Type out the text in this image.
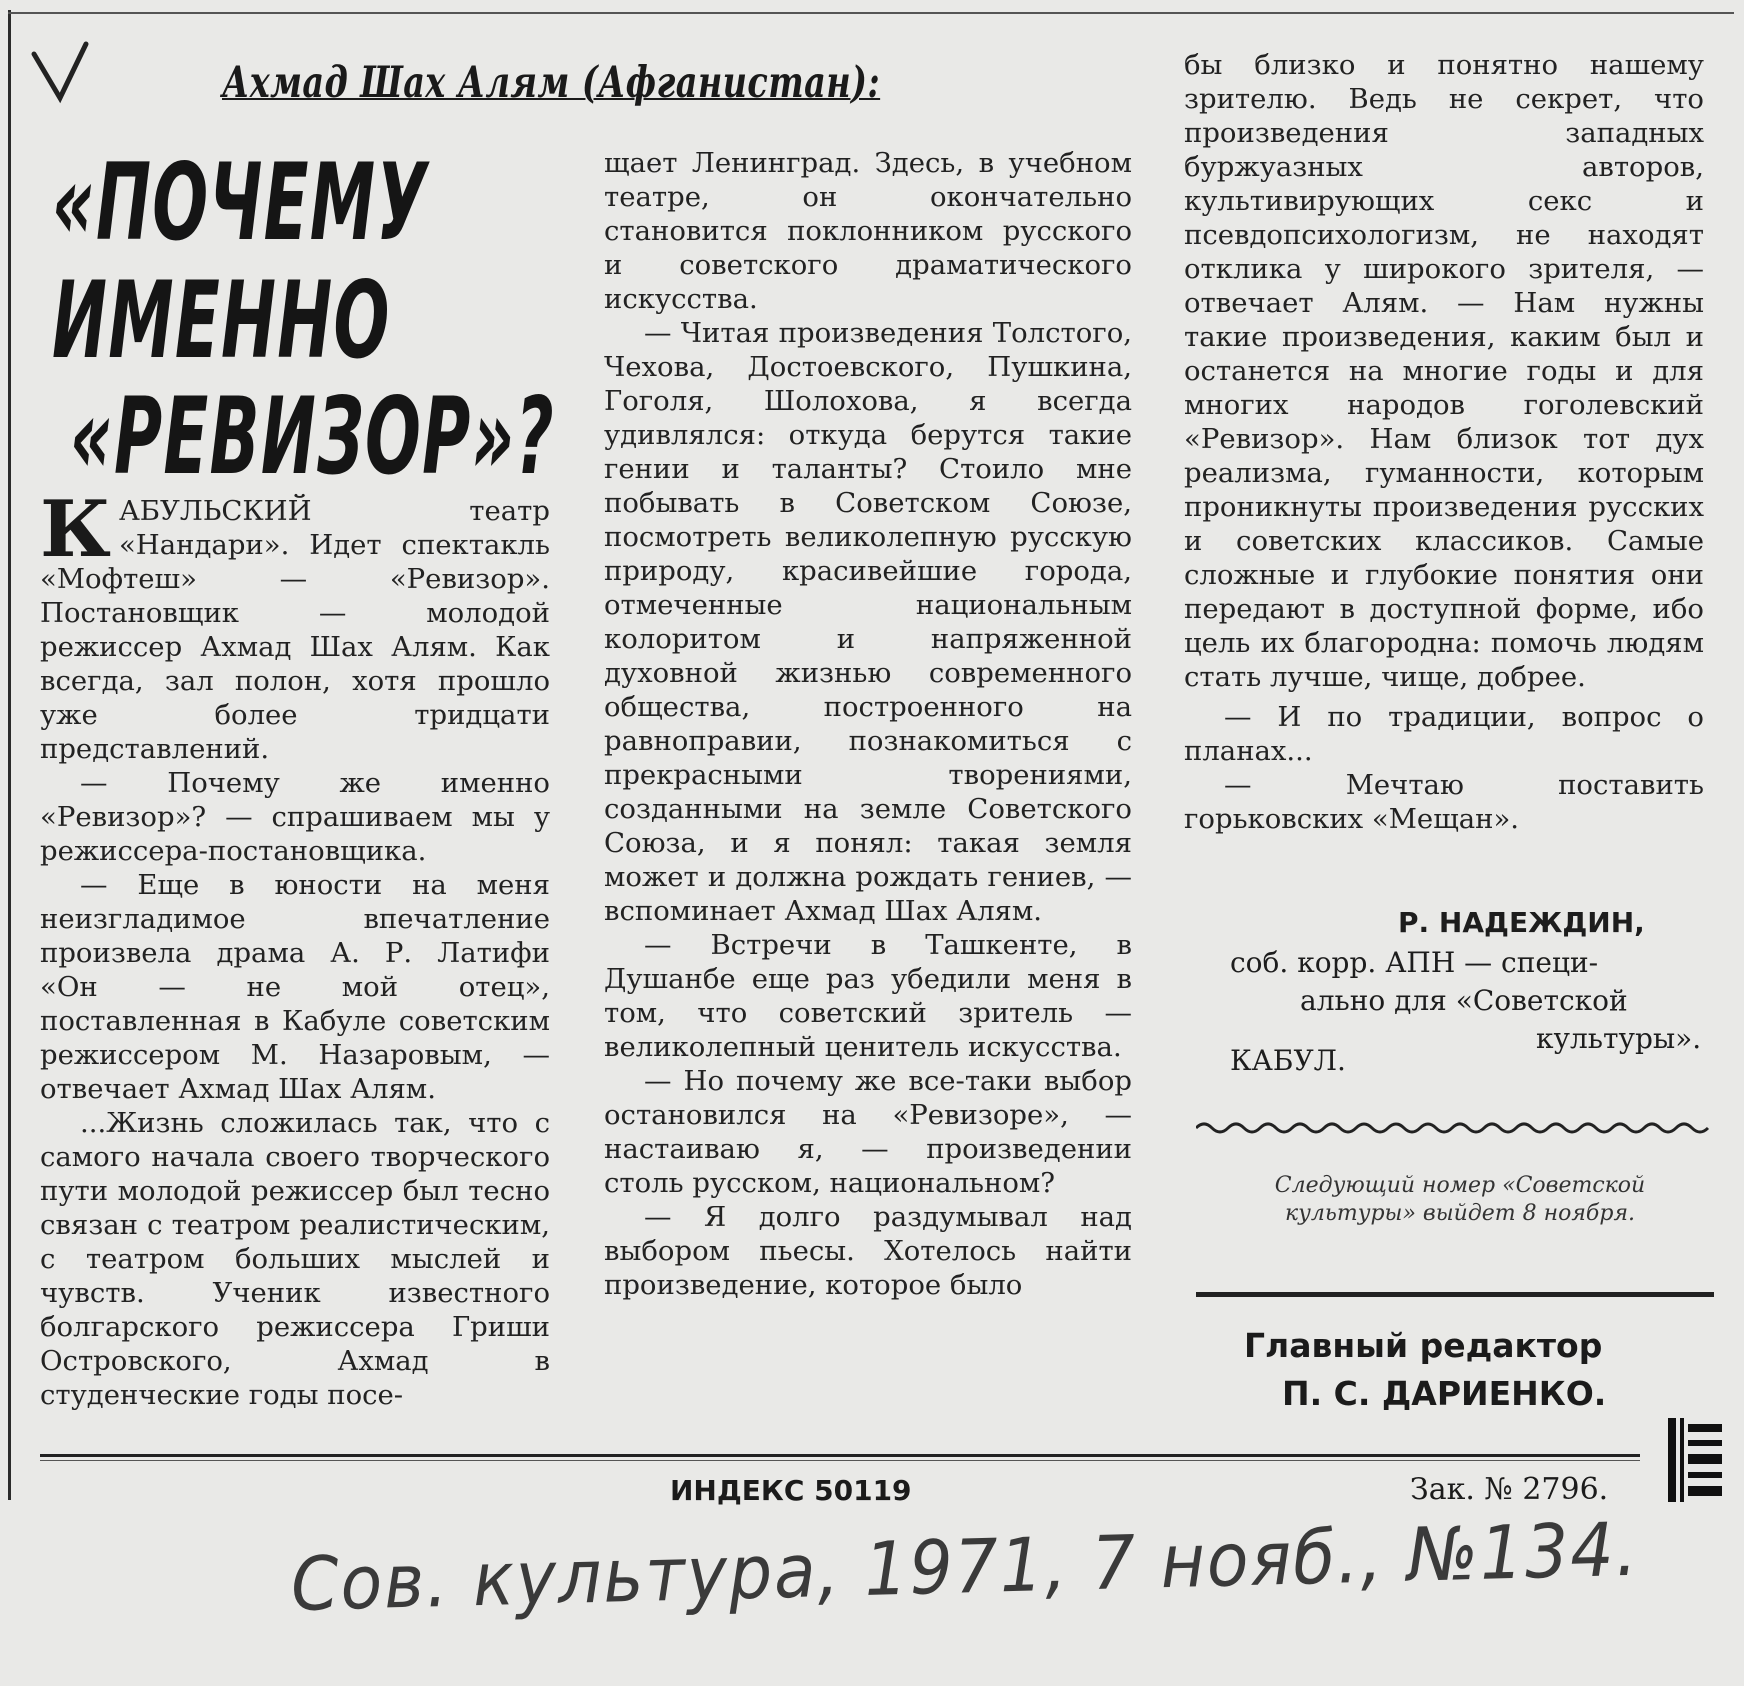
Ахмад Шах Алям (Афганистан):
«ПОЧЕМУ
ИМЕННО
«РЕВИЗОР»?

КАБУЛЬСКИЙ театр «Нандари». Идет спектакль «Мофтеш» — «Ревизор». Постановщик — молодой режиссер Ахмад Шах Алям. Как всегда, зал полон, хотя прошло уже более тридцати представлений.

— Почему же именно «Ревизор»? — спрашиваем мы у режиссера-постановщика.

— Еще в юности на меня неизгладимое впечатление произвела драма А. Р. Латифи «Он — не мой отец», поставленная в Кабуле советским режиссером М. Назаровым, — отвечает Ахмад Шах Алям.

...Жизнь сложилась так, что с самого начала своего творческого пути молодой режиссер был тесно связан с театром реалистическим, с театром больших мыслей и чувств. Ученик известного болгарского режиссера Гриши Островского, Ахмад в студенческие годы посе-

щает Ленинград. Здесь, в учебном театре, он окончательно становится поклонником русского и советского драматического искусства.

— Читая произведения Толстого, Чехова, Достоевского, Пушкина, Гоголя, Шолохова, я всегда удивлялся: откуда берутся такие гении и таланты? Стоило мне побывать в Советском Союзе, посмотреть великолепную русскую природу, красивейшие города, отмеченные национальным колоритом и напряженной духовной жизнью современного общества, построенного на равноправии, познакомиться с прекрасными творениями, созданными на земле Советского Союза, и я понял: такая земля может и должна рождать гениев, — вспоминает Ахмад Шах Алям.

— Встречи в Ташкенте, в Душанбе еще раз убедили меня в том, что советский зритель — великолепный ценитель искусства.

— Но почему же все-таки выбор остановился на «Ревизоре», — настаиваю я, — произведении столь русском, национальном?

— Я долго раздумывал над выбором пьесы. Хотелось найти произведение, которое было

бы близко и понятно нашему зрителю. Ведь не секрет, что произведения западных буржуазных авторов, культивирующих секс и псевдопсихологизм, не находят отклика у широкого зрителя, — отвечает Алям. — Нам нужны такие произведения, каким был и останется на многие годы и для многих народов гоголевский «Ревизор». Нам близок тот дух реализма, гуманности, которым проникнуты произведения русских и советских классиков. Самые сложные и глубокие понятия они передают в доступной форме, ибо цель их благородна: помочь людям стать лучше, чище, добрее.

— И по традиции, вопрос о планах...

— Мечтаю поставить горьковских «Мещан».

Р. НАДЕЖДИН,
соб. корр. АПН — специ-
ально для «Советской
культуры».
КАБУЛ.
Следующий номер «Советской культуры» выйдет 8 ноября.
Главный редактор
П. С. ДАРИЕНКО.
ИНДЕКС 50119	Зак. № 2796.
Сов. культура, 1971, 7 нояб., №134.
